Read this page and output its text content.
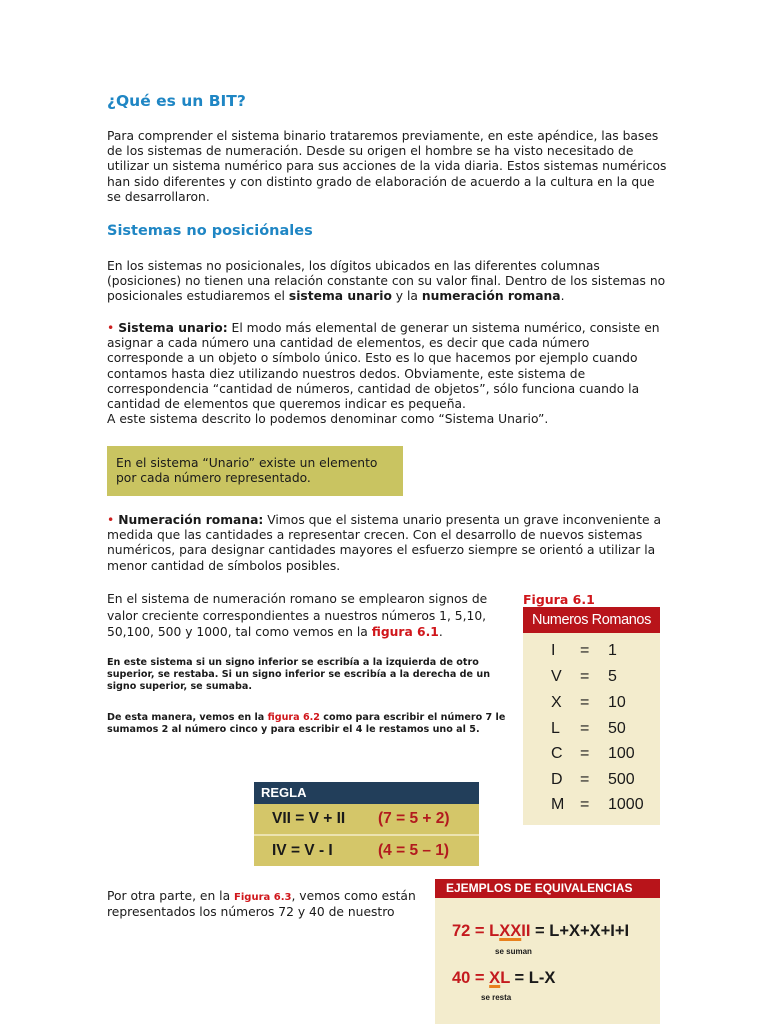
¿Qué es un BIT?
Para comprender el sistema binario trataremos previamente, en este apéndice, las bases de los sistemas de numeración. Desde su origen el hombre se ha visto necesitado de utilizar un sistema numérico para sus acciones de la vida diaria. Estos sistemas numéricos han sido diferentes y con distinto grado de elaboración de acuerdo a la cultura en la que se desarrollaron.
Sistemas no posiciónales
En los sistemas no posicionales, los dígitos ubicados en las diferentes columnas (posiciones) no tienen una relación constante con su valor final. Dentro de los sistemas no posicionales estudiaremos el sistema unario y la numeración romana.
• Sistema unario: El modo más elemental de generar un sistema numérico, consiste en asignar a cada número una cantidad de elementos, es decir que cada número corresponde a un objeto o símbolo único. Esto es lo que hacemos por ejemplo cuando contamos hasta diez utilizando nuestros dedos. Obviamente, este sistema de correspondencia “cantidad de números, cantidad de objetos”, sólo funciona cuando la cantidad de elementos que queremos indicar es pequeña.
A este sistema descrito lo podemos denominar como “Sistema Unario”.
En el sistema “Unario” existe un elemento por cada número representado.
• Numeración romana: Vimos que el sistema unario presenta un grave inconveniente a medida que las cantidades a representar crecen. Con el desarrollo de nuevos sistemas numéricos, para designar cantidades mayores el esfuerzo siempre se orientó a utilizar la menor cantidad de símbolos posibles.
En el sistema de numeración romano se emplearon signos de valor creciente correspondientes a nuestros números 1, 5,10, 50,100, 500 y 1000, tal como vemos en la figura 6.1.
En este sistema si un signo inferior se escribía a la izquierda de otro superior, se restaba. Si un signo inferior se escribía a la derecha de un signo superior, se sumaba.
De esta manera, vemos en la figura 6.2 como para escribir el número 7 le sumamos 2 al número cinco y para escribir el 4 le restamos uno al 5.
Figura 6.1
Numeros Romanos
I = 1
V = 5
X = 10
L = 50
C = 100
D = 500
M = 1000
REGLA
VII = V + II (7 = 5 + 2)
IV = V - I	(4 = 5 – 1)
Por otra parte, en la Figura 6.3, vemos como están representados los números 72 y 40 de nuestro
EJEMPLOS DE EQUIVALENCIAS
72 = LXXII = L+X+X+I+I
se suman
40 = XL = L-X
se resta
